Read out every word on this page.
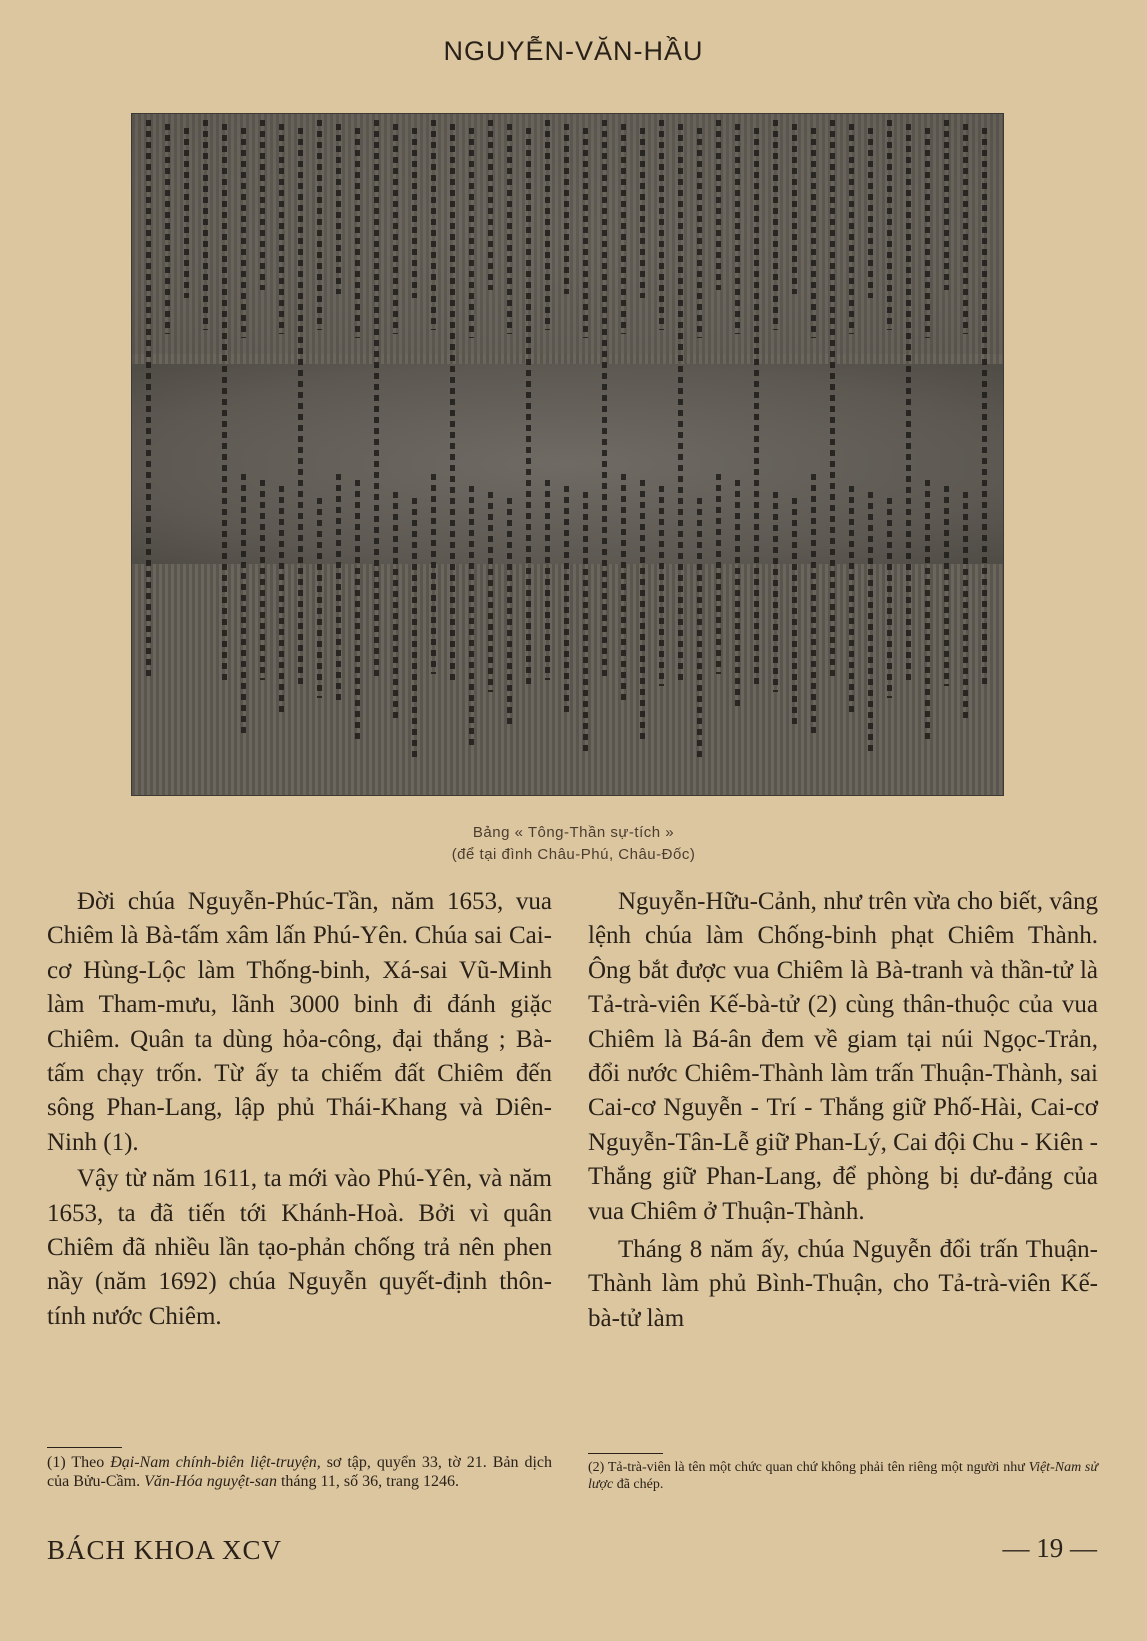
NGUYỄN-VĂN-HẦU
Bảng « Tông-Thần sự-tích »
(để tại đình Châu-Phú, Châu-Đốc)

Đời chúa Nguyễn-Phúc-Tần, năm 1653, vua Chiêm là Bà-tấm xâm lấn Phú-Yên. Chúa sai Cai-cơ Hùng-Lộc làm Thống-binh, Xá-sai Vũ-Minh làm Tham-mưu, lãnh 3000 binh đi đánh giặc Chiêm. Quân ta dùng hỏa-công, đại thắng ; Bà-tấm chạy trốn. Từ ấy ta chiếm đất Chiêm đến sông Phan-Lang, lập phủ Thái-Khang và Diên-Ninh (1).

Vậy từ năm 1611, ta mới vào Phú-Yên, và năm 1653, ta đã tiến tới Khánh-Hoà. Bởi vì quân Chiêm đã nhiều lần tạo-phản chống trả nên phen nầy (năm 1692) chúa Nguyễn quyết-định thôn-tính nước Chiêm.

Nguyễn-Hữu-Cảnh, như trên vừa cho biết, vâng lệnh chúa làm Chống-binh phạt Chiêm Thành. Ông bắt được vua Chiêm là Bà-tranh và thần-tử là Tả-trà-viên Kế-bà-tử (2) cùng thân-thuộc của vua Chiêm là Bá-ân đem về giam tại núi Ngọc-Trản, đổi nước Chiêm-Thành làm trấn Thuận-Thành, sai Cai-cơ Nguyễn - Trí - Thắng giữ Phố-Hài, Cai-cơ Nguyễn-Tân-Lễ giữ Phan-Lý, Cai đội Chu - Kiên - Thắng giữ Phan-Lang, để phòng bị dư-đảng của vua Chiêm ở Thuận-Thành.

Tháng 8 năm ấy, chúa Nguyễn đổi trấn Thuận-Thành làm phủ Bình-Thuận, cho Tả-trà-viên Kế-bà-tử làm

(1) Theo Đại-Nam chính-biên liệt-truyện, sơ tập, quyển 33, tờ 21. Bản dịch của Bửu-Cầm. Văn-Hóa nguyệt-san tháng 11, số 36, trang 1246.
(2) Tả-trà-viên là tên một chức quan chứ không phải tên riêng một người như Việt-Nam sử lược đã chép.
BÁCH KHOA XCV	— 19 —
